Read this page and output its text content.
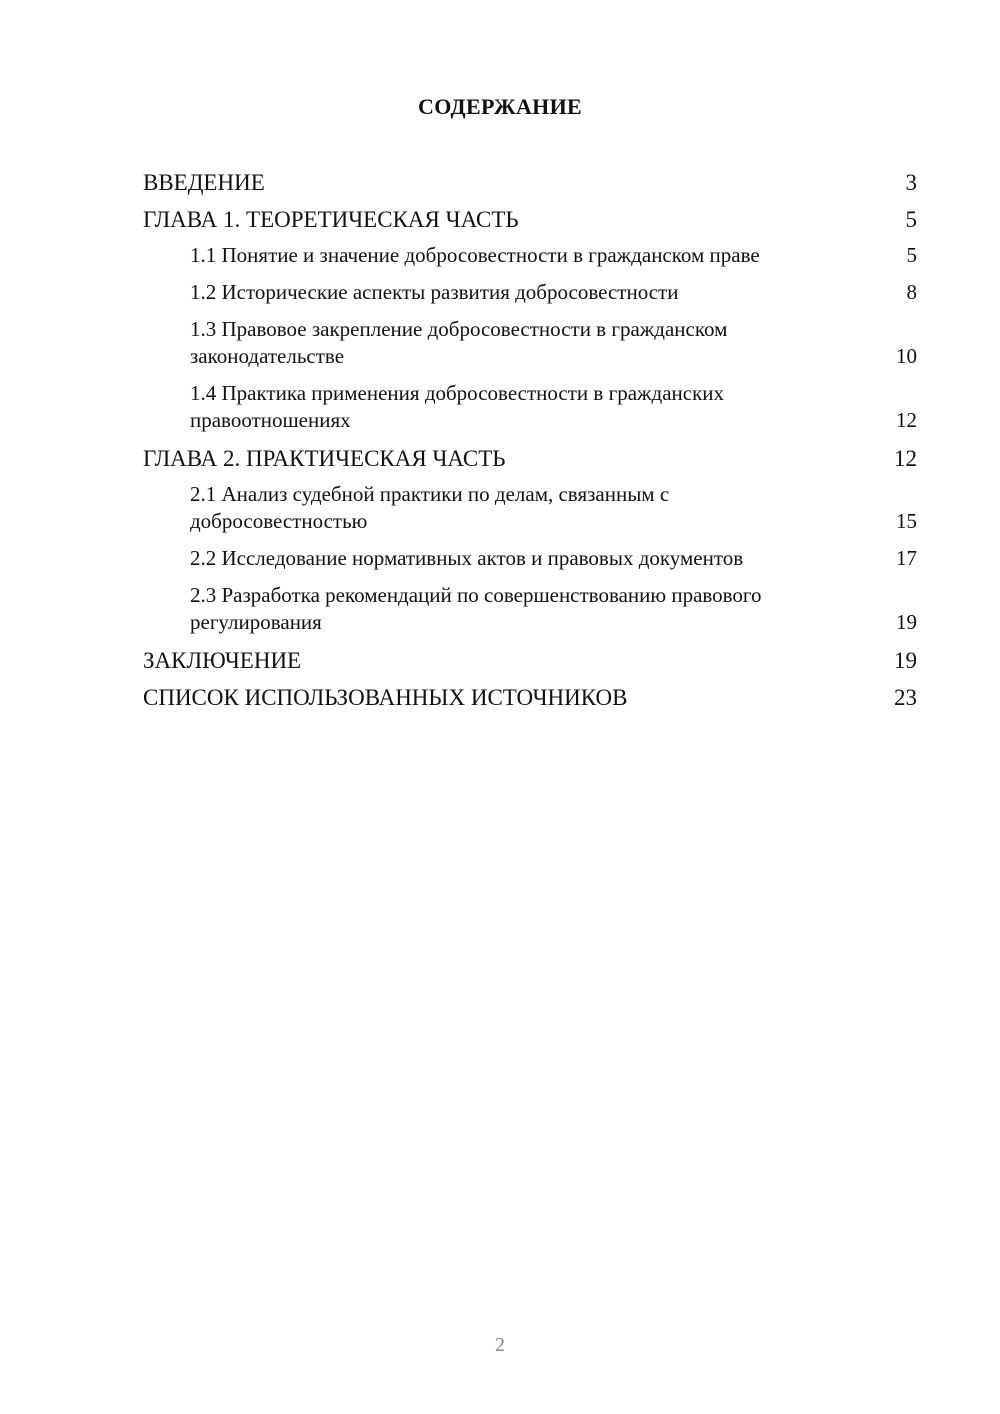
СОДЕРЖАНИЕ
ВВЕДЕНИЕ	3
ГЛАВА 1. ТЕОРЕТИЧЕСКАЯ ЧАСТЬ	5
1.1 Понятие и значение добросовестности в гражданском праве	5
1.2 Исторические аспекты развития добросовестности	8
1.3 Правовое закрепление добросовестности в гражданском законодательстве	10
1.4 Практика применения добросовестности в гражданских правоотношениях	12
ГЛАВА 2. ПРАКТИЧЕСКАЯ ЧАСТЬ	12
2.1 Анализ судебной практики по делам, связанным с добросовестностью	15
2.2 Исследование нормативных актов и правовых документов	17
2.3 Разработка рекомендаций по совершенствованию правового регулирования	19
ЗАКЛЮЧЕНИЕ	19
СПИСОК ИСПОЛЬЗОВАННЫХ ИСТОЧНИКОВ	23
2
